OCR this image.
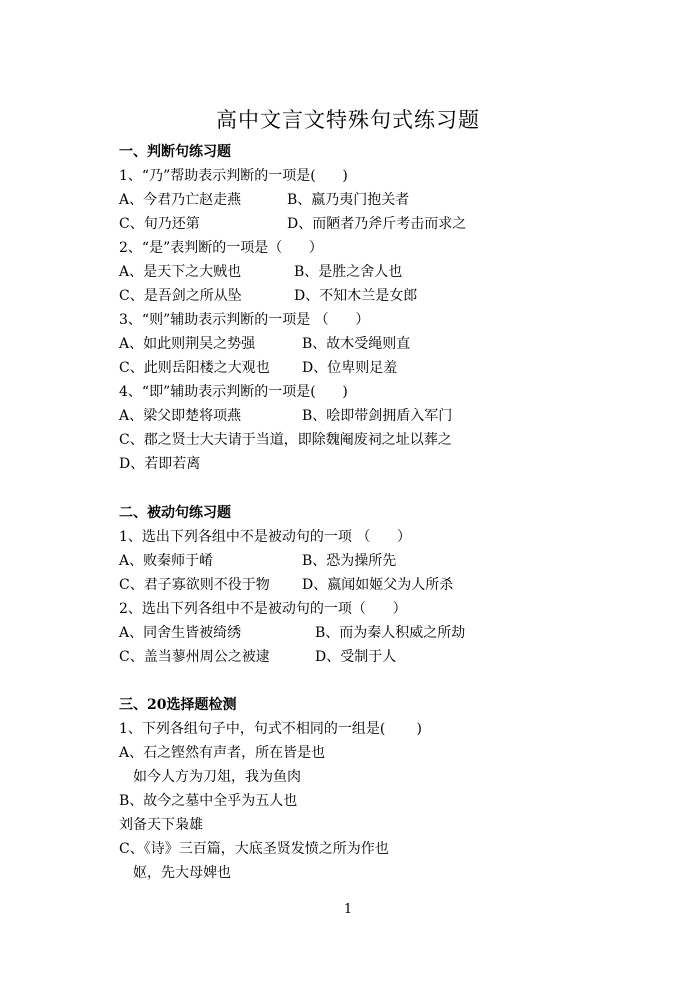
高中文言文特殊句式练习题
一、判断句练习题
1、“乃”帮助表示判断的一项是(      )
A、今君乃亡赵走燕	B、嬴乃夷门抱关者
C、旬乃还第	D、而陋者乃斧斤考击而求之
2、“是”表判断的一项是（      ）
A、是天下之大贼也	B、是胜之舍人也
C、是吾剑之所从坠	D、不知木兰是女郎
3、“则”辅助表示判断的一项是 （      ）
A、如此则荆吴之势强	B、故木受绳则直
C、此则岳阳楼之大观也 D、位卑则足羞
4、“即”辅助表示判断的一项是(      )
A、梁父即楚将项燕	B、哙即带剑拥盾入军门
C、郡之贤士大夫请于当道，即除魏阉废祠之址以葬之
D、若即若离
二、被动句练习题
1、选出下列各组中不是被动句的一项 （      ）
A、败秦师于崤	B、恐为操所先
C、君子寡欲则不役于物 D、嬴闻如姬父为人所杀
2、选出下列各组中不是被动句的一项（      ）
A、同舍生皆被绮绣	B、而为秦人积威之所劫
C、盖当蓼州周公之被逮	D、受制于人
三、20选择题检测
1、下列各组句子中，句式不相同的一组是(       )
A、石之铿然有声者，所在皆是也
如今人方为刀俎，我为鱼肉
B、故今之墓中全乎为五人也
刘备天下枭雄
C、《诗》三百篇，大底圣贤发愤之所为作也
妪，先大母婢也
1
